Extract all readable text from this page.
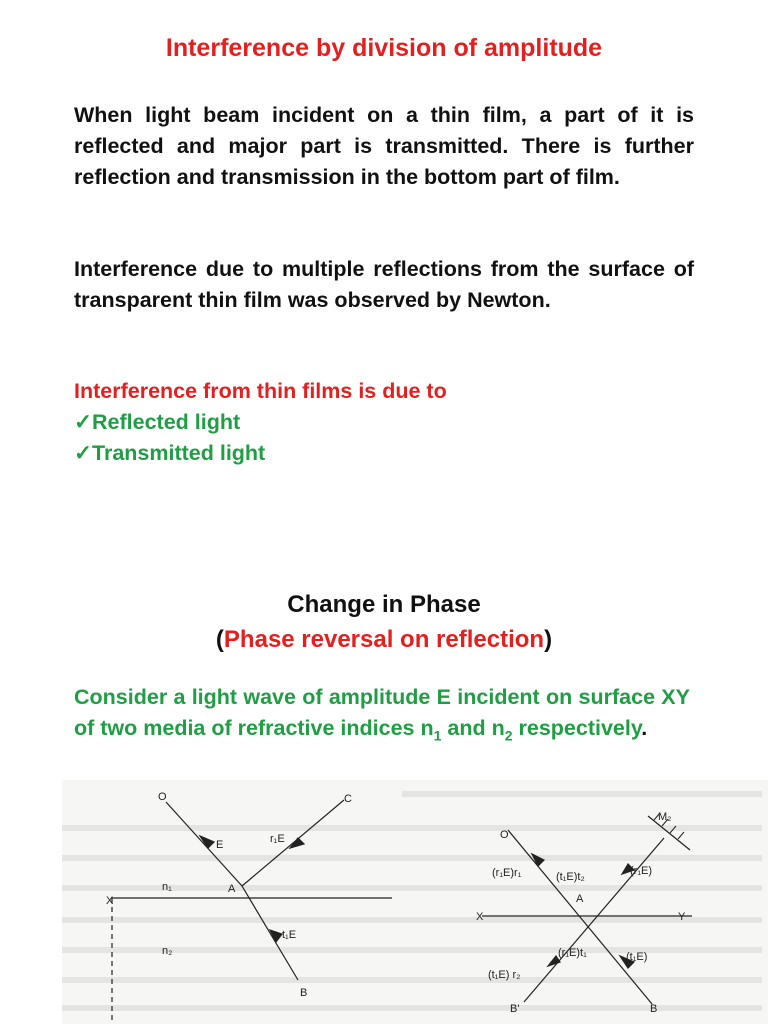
Interference by division of amplitude
When light beam incident on a thin film, a part of it is reflected and major part is transmitted. There is further reflection and transmission in the bottom part of film.
Interference due to multiple reflections from the surface of transparent thin film was observed by Newton.
Interference from thin films is due to
✓Reflected light
✓Transmitted light
Change in Phase
(Phase reversal on reflection)
Consider a light wave of amplitude E incident on surface XY of two media of refractive indices $n_1$ and $n_2$ respectively.
O	C
E	r₁E
A
X
n₁
n₂
t₁E
B
O
M₂
(r₁E)r₁	(t₁E)t₂	(r₁E)
X	Y
A
(r₁E)t₁	(t₁E)
(t₁E) r₂
B'	B
